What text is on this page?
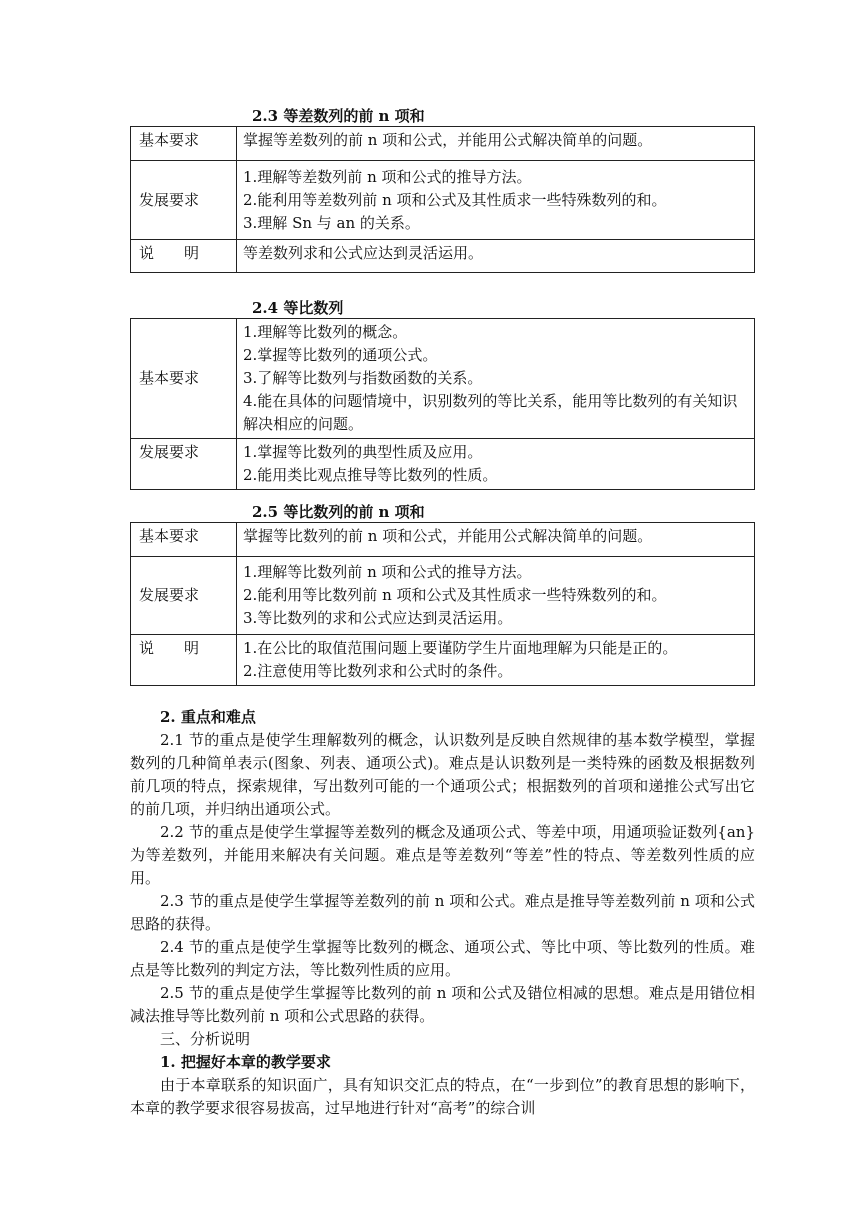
2.3 等差数列的前 n 项和
基本要求	掌握等差数列的前 n 项和公式，并能用公式解决简单的问题。

发展要求	1.理解等差数列前 n 项和公式的推导方法。
2.能利用等差数列前 n 项和公式及其性质求一些特殊数列的和。
3.理解 Sn 与 an 的关系。

说　　明	等差数列求和公式应达到灵活运用。
2.4 等比数列
基本要求	1.理解等比数列的概念。
2.掌握等比数列的通项公式。
3.了解等比数列与指数函数的关系。
4.能在具体的问题情境中，识别数列的等比关系，能用等比数列的有关知识解决相应的问题。

发展要求	1.掌握等比数列的典型性质及应用。
2.能用类比观点推导等比数列的性质。
2.5 等比数列的前 n 项和
基本要求	掌握等比数列的前 n 项和公式，并能用公式解决简单的问题。

发展要求	1.理解等比数列前 n 项和公式的推导方法。
2.能利用等比数列前 n 项和公式及其性质求一些特殊数列的和。
3.等比数列的求和公式应达到灵活运用。

说　　明	1.在公比的取值范围问题上要谨防学生片面地理解为只能是正的。
2.注意使用等比数列求和公式时的条件。

2. 重点和难点

2.1 节的重点是使学生理解数列的概念，认识数列是反映自然规律的基本数学模型，掌握数列的几种简单表示(图象、列表、通项公式)。难点是认识数列是一类特殊的函数及根据数列前几项的特点，探索规律，写出数列可能的一个通项公式；根据数列的首项和递推公式写出它的前几项，并归纳出通项公式。

2.2 节的重点是使学生掌握等差数列的概念及通项公式、等差中项，用通项验证数列{an}为等差数列，并能用来解决有关问题。难点是等差数列“等差”性的特点、等差数列性质的应用。

2.3 节的重点是使学生掌握等差数列的前 n 项和公式。难点是推导等差数列前 n 项和公式思路的获得。

2.4 节的重点是使学生掌握等比数列的概念、通项公式、等比中项、等比数列的性质。难点是等比数列的判定方法，等比数列性质的应用。

2.5 节的重点是使学生掌握等比数列的前 n 项和公式及错位相减的思想。难点是用错位相减法推导等比数列前 n 项和公式思路的获得。

三、分析说明

1. 把握好本章的教学要求

由于本章联系的知识面广，具有知识交汇点的特点，在“一步到位”的教育思想的影响下，本章的教学要求很容易拔高，过早地进行针对“高考”的综合训
